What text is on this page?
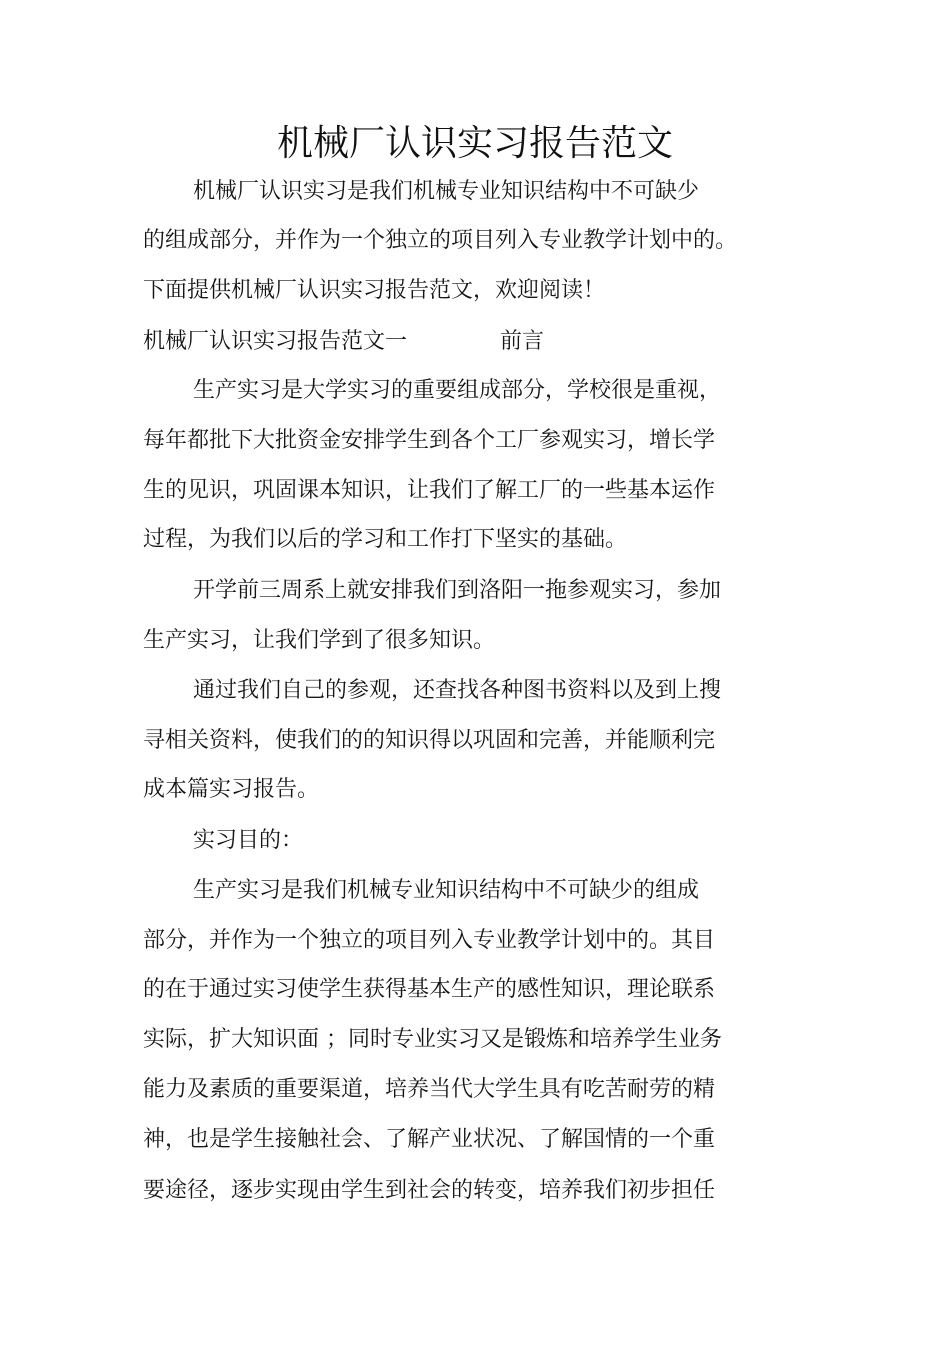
机械厂认识实习报告范文
机械厂认识实习是我们机械专业知识结构中不可缺少
的组成部分，并作为一个独立的项目列入专业教学计划中的。
下面提供机械厂认识实习报告范文，欢迎阅读！
机械厂认识实习报告范文一	前言
生产实习是大学实习的重要组成部分，学校很是重视，
每年都批下大批资金安排学生到各个工厂参观实习，增长学
生的见识，巩固课本知识，让我们了解工厂的一些基本运作
过程，为我们以后的学习和工作打下坚实的基础。
开学前三周系上就安排我们到洛阳一拖参观实习，参加
生产实习，让我们学到了很多知识。
通过我们自己的参观，还查找各种图书资料以及到上搜
寻相关资料，使我们的的知识得以巩固和完善，并能顺利完
成本篇实习报告。
实习目的：
生产实习是我们机械专业知识结构中不可缺少的组成
部分，并作为一个独立的项目列入专业教学计划中的。其目
的在于通过实习使学生获得基本生产的感性知识，理论联系
实际，扩大知识面 ；同时专业实习又是锻炼和培养学生业务
能力及素质的重要渠道，培养当代大学生具有吃苦耐劳的精
神，也是学生接触社会、了解产业状况、了解国情的一个重
要途径，逐步实现由学生到社会的转变，培养我们初步担任
